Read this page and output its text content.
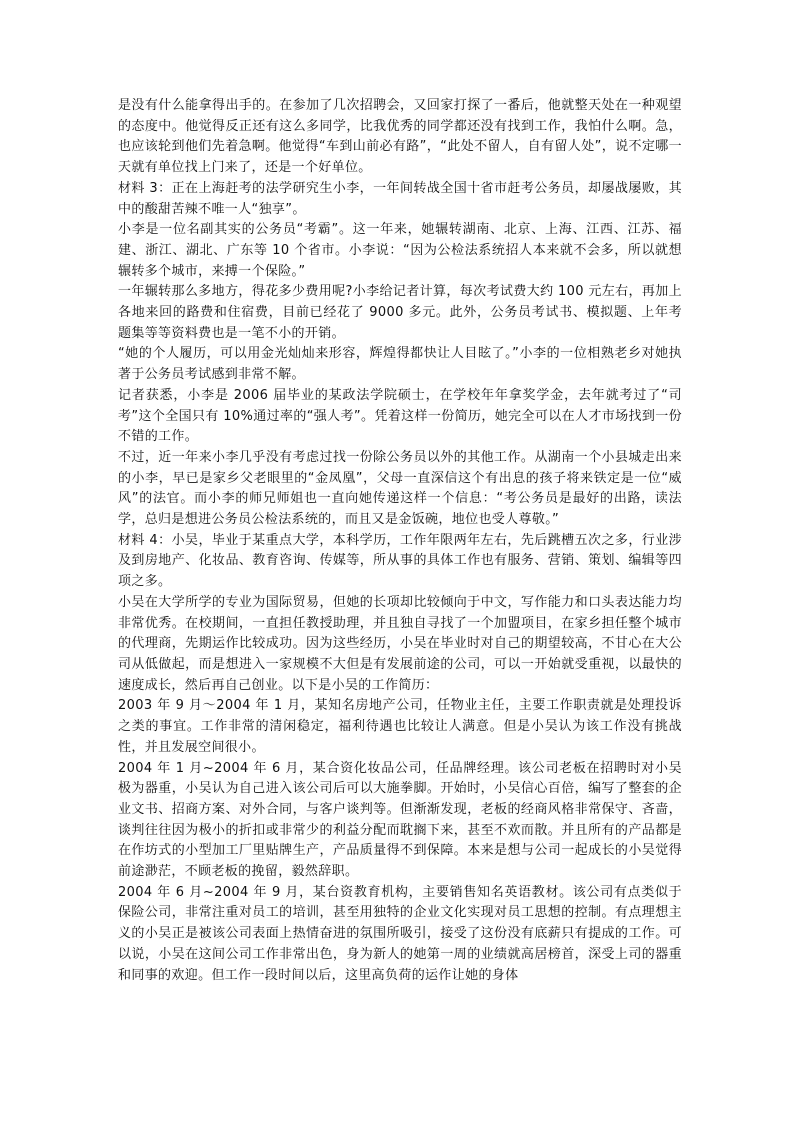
是没有什么能拿得出手的。在参加了几次招聘会，又回家打探了一番后，他就整天处在一种观望的态度中。他觉得反正还有这么多同学，比我优秀的同学都还没有找到工作，我怕什么啊。急，也应该轮到他们先着急啊。他觉得“车到山前必有路”，“此处不留人，自有留人处”，说不定哪一天就有单位找上门来了，还是一个好单位。

材料 3：正在上海赶考的法学研究生小李，一年间转战全国十省市赶考公务员，却屡战屡败，其中的酸甜苦辣不唯一人“独享”。

小李是一位名副其实的公务员“考霸”。这一年来，她辗转湖南、北京、上海、江西、江苏、福建、浙江、湖北、广东等 10 个省市。小李说：“因为公检法系统招人本来就不会多，所以就想辗转多个城市，来搏一个保险。”

一年辗转那么多地方，得花多少费用呢?小李给记者计算，每次考试费大约 100 元左右，再加上各地来回的路费和住宿费，目前已经花了 9000 多元。此外，公务员考试书、模拟题、上年考题集等等资料费也是一笔不小的开销。

“她的个人履历，可以用金光灿灿来形容，辉煌得都快让人目眩了。”小李的一位相熟老乡对她执著于公务员考试感到非常不解。

记者获悉，小李是 2006 届毕业的某政法学院硕士，在学校年年拿奖学金，去年就考过了“司考”这个全国只有 10%通过率的“强人考”。凭着这样一份简历，她完全可以在人才市场找到一份不错的工作。

不过，近一年来小李几乎没有考虑过找一份除公务员以外的其他工作。从湖南一个小县城走出来的小李，早已是家乡父老眼里的“金凤凰”，父母一直深信这个有出息的孩子将来铁定是一位“威风”的法官。而小李的师兄师姐也一直向她传递这样一个信息：“考公务员是最好的出路，读法学，总归是想进公务员公检法系统的，而且又是金饭碗，地位也受人尊敬。”

材料 4：小吴，毕业于某重点大学，本科学历，工作年限两年左右，先后跳槽五次之多，行业涉及到房地产、化妆品、教育咨询、传媒等，所从事的具体工作也有服务、营销、策划、编辑等四项之多。

小吴在大学所学的专业为国际贸易，但她的长项却比较倾向于中文，写作能力和口头表达能力均非常优秀。在校期间，一直担任教授助理，并且独自寻找了一个加盟项目，在家乡担任整个城市的代理商，先期运作比较成功。因为这些经历，小吴在毕业时对自己的期望较高，不甘心在大公司从低做起，而是想进入一家规模不大但是有发展前途的公司，可以一开始就受重视，以最快的速度成长，然后再自己创业。以下是小吴的工作简历：

2003 年 9 月～2004 年 1 月，某知名房地产公司，任物业主任，主要工作职责就是处理投诉之类的事宜。工作非常的清闲稳定，福利待遇也比较让人满意。但是小吴认为该工作没有挑战性，并且发展空间很小。

2004 年 1 月~2004 年 6 月，某合资化妆品公司，任品牌经理。该公司老板在招聘时对小吴极为器重，小吴认为自己进入该公司后可以大施拳脚。开始时，小吴信心百倍，编写了整套的企业文书、招商方案、对外合同，与客户谈判等。但渐渐发现，老板的经商风格非常保守、吝啬，谈判往往因为极小的折扣或非常少的利益分配而耽搁下来，甚至不欢而散。并且所有的产品都是在作坊式的小型加工厂里贴牌生产，产品质量得不到保障。本来是想与公司一起成长的小吴觉得前途渺茫，不顾老板的挽留，毅然辞职。

2004 年 6 月~2004 年 9 月，某台资教育机构，主要销售知名英语教材。该公司有点类似于保险公司，非常注重对员工的培训，甚至用独特的企业文化实现对员工思想的控制。有点理想主义的小吴正是被该公司表面上热情奋进的氛围所吸引，接受了这份没有底薪只有提成的工作。可以说，小吴在这间公司工作非常出色，身为新人的她第一周的业绩就高居榜首，深受上司的器重和同事的欢迎。但工作一段时间以后，这里高负荷的运作让她的身体
